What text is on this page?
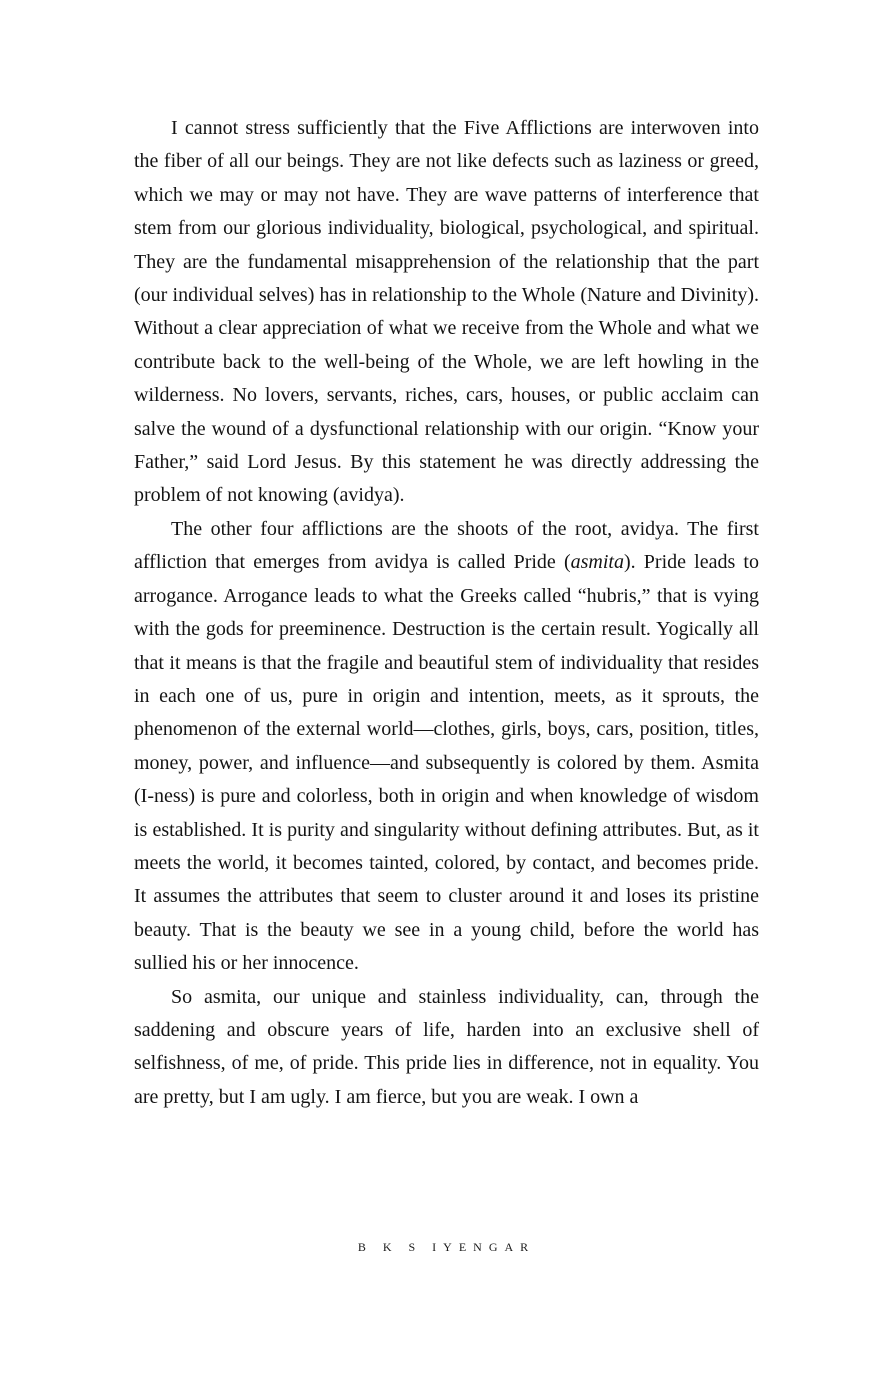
I cannot stress sufficiently that the Five Afflictions are interwoven into the fiber of all our beings. They are not like defects such as laziness or greed, which we may or may not have. They are wave patterns of interference that stem from our glorious individuality, biological, psychological, and spiritual. They are the fundamental misapprehension of the relationship that the part (our individual selves) has in relationship to the Whole (Nature and Divinity). Without a clear appreciation of what we receive from the Whole and what we contribute back to the well-being of the Whole, we are left howling in the wilderness. No lovers, servants, riches, cars, houses, or public acclaim can salve the wound of a dysfunctional relationship with our origin. “Know your Father,” said Lord Jesus. By this statement he was directly addressing the problem of not knowing (avidya).

The other four afflictions are the shoots of the root, avidya. The first affliction that emerges from avidya is called Pride (asmita). Pride leads to arrogance. Arrogance leads to what the Greeks called “hubris,” that is vying with the gods for preeminence. Destruction is the certain result. Yogically all that it means is that the fragile and beautiful stem of individuality that resides in each one of us, pure in origin and intention, meets, as it sprouts, the phenomenon of the external world—clothes, girls, boys, cars, position, titles, money, power, and influence—and subsequently is colored by them. Asmita (I-ness) is pure and colorless, both in origin and when knowledge of wisdom is established. It is purity and singularity without defining attributes. But, as it meets the world, it becomes tainted, colored, by contact, and becomes pride. It assumes the attributes that seem to cluster around it and loses its pristine beauty. That is the beauty we see in a young child, before the world has sullied his or her innocence.

So asmita, our unique and stainless individuality, can, through the saddening and obscure years of life, harden into an exclusive shell of selfishness, of me, of pride. This pride lies in difference, not in equality. You are pretty, but I am ugly. I am fierce, but you are weak. I own a

B K S IYENGAR
